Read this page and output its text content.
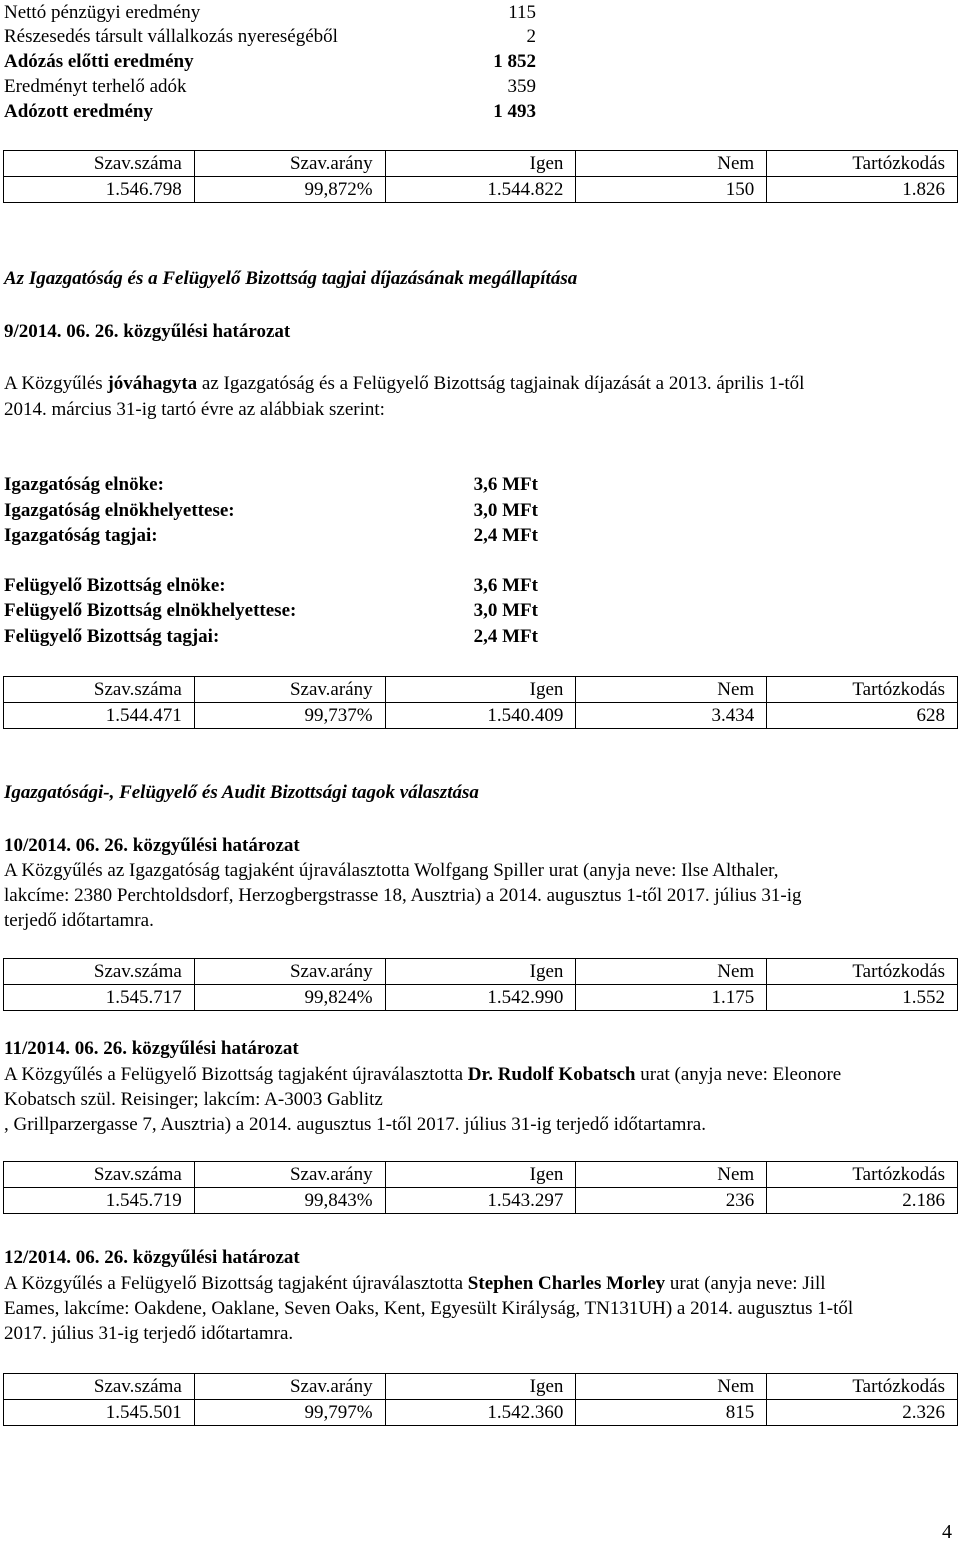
Nettó pénzügyi eredmény	115
Részesedés társult vállalkozás nyereségéből	2
Adózás előtti eredmény	1 852
Eredményt terhelő adók	359
Adózott eredmény	1 493
Szav.száma	Szav.arány	Igen	Nem	Tartózkodás
1.546.798	99,872%	1.544.822	150	1.826
Az Igazgatóság és a Felügyelő Bizottság tagjai díjazásának megállapítása
9/2014. 06. 26. közgyűlési határozat
A Közgyűlés jóváhagyta az Igazgatóság és a Felügyelő Bizottság tagjainak díjazását a 2013. április 1-től
2014. március 31-ig tartó évre az alábbiak szerint:
Igazgatóság elnöke:	3,6 MFt
Igazgatóság elnökhelyettese:	3,0 MFt
Igazgatóság tagjai:	2,4 MFt
Felügyelő Bizottság elnöke:	3,6 MFt
Felügyelő Bizottság elnökhelyettese:	3,0 MFt
Felügyelő Bizottság tagjai:	2,4 MFt
Szav.száma	Szav.arány	Igen	Nem	Tartózkodás
1.544.471	99,737%	1.540.409	3.434	628
Igazgatósági-, Felügyelő és Audit Bizottsági tagok választása
10/2014. 06. 26. közgyűlési határozat
A Közgyűlés az Igazgatóság tagjaként újraválasztotta Wolfgang Spiller urat (anyja neve: Ilse Althaler,
lakcíme: 2380 Perchtoldsdorf, Herzogbergstrasse 18, Ausztria) a 2014. augusztus 1-től 2017. július 31-ig
terjedő időtartamra.
Szav.száma	Szav.arány	Igen	Nem	Tartózkodás
1.545.717	99,824%	1.542.990	1.175	1.552
11/2014. 06. 26. közgyűlési határozat
A Közgyűlés a Felügyelő Bizottság tagjaként újraválasztotta Dr. Rudolf Kobatsch urat (anyja neve: Eleonore
Kobatsch szül. Reisinger; lakcím: A-3003 Gablitz
, Grillparzergasse 7, Ausztria) a 2014. augusztus 1-től 2017. július 31-ig terjedő időtartamra.
Szav.száma	Szav.arány	Igen	Nem	Tartózkodás
1.545.719	99,843%	1.543.297	236	2.186
12/2014. 06. 26. közgyűlési határozat
A Közgyűlés a Felügyelő Bizottság tagjaként újraválasztotta Stephen Charles Morley urat (anyja neve: Jill
Eames, lakcíme: Oakdene, Oaklane, Seven Oaks, Kent, Egyesült Királyság, TN131UH) a 2014. augusztus 1-től
2017. július 31-ig terjedő időtartamra.
Szav.száma	Szav.arány	Igen	Nem	Tartózkodás
1.545.501	99,797%	1.542.360	815	2.326
4
